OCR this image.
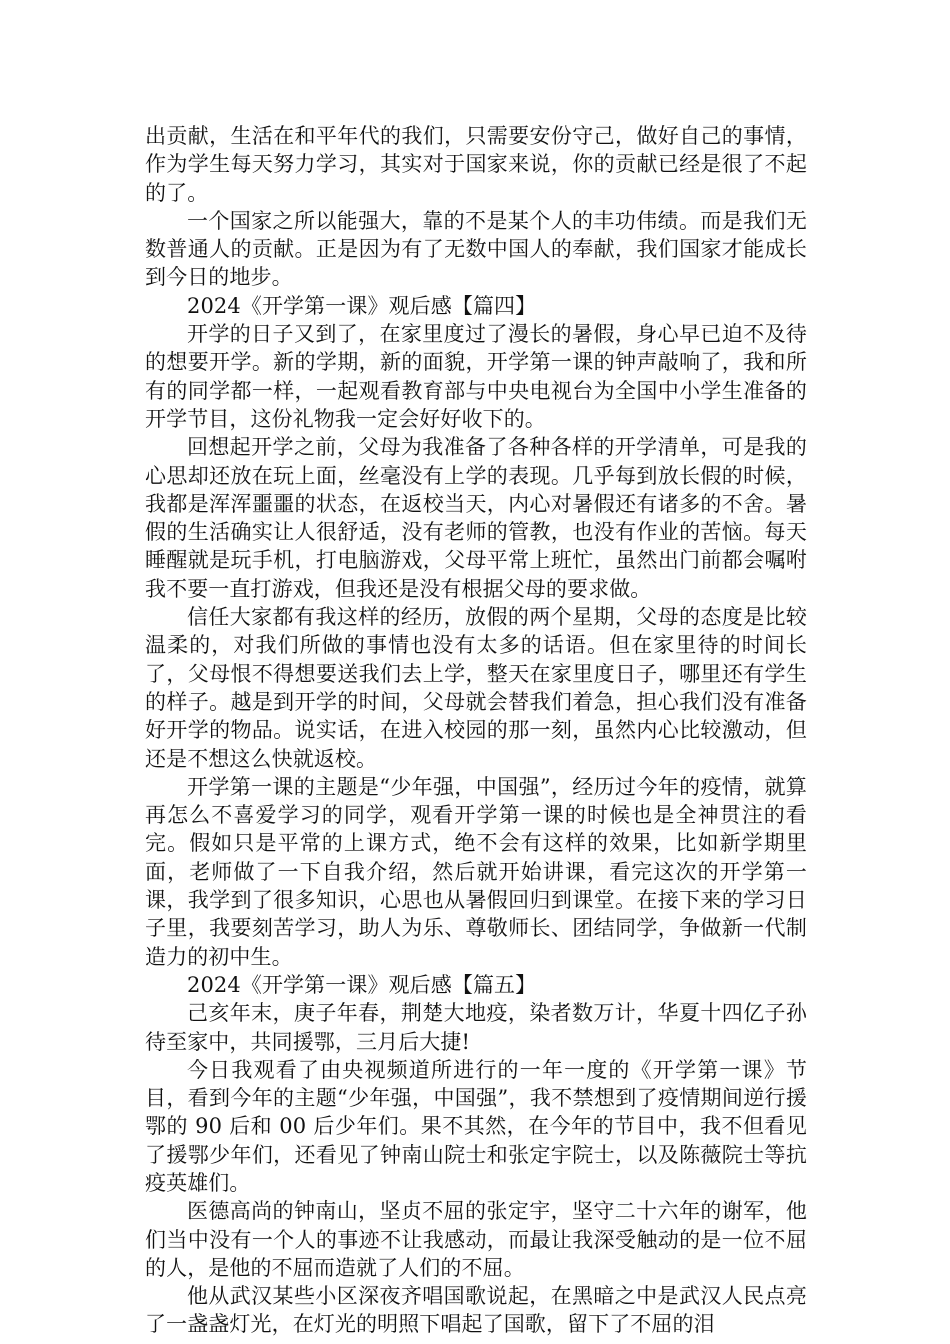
出贡献，生活在和平年代的我们，只需要安份守己，做好自己的事情，作为学生每天努力学习，其实对于国家来说，你的贡献已经是很了不起的了。

一个国家之所以能强大，靠的不是某个人的丰功伟绩。而是我们无数普通人的贡献。正是因为有了无数中国人的奉献，我们国家才能成长到今日的地步。

2024《开学第一课》观后感【篇四】

开学的日子又到了，在家里度过了漫长的暑假，身心早已迫不及待的想要开学。新的学期，新的面貌，开学第一课的钟声敲响了，我和所有的同学都一样，一起观看教育部与中央电视台为全国中小学生准备的开学节目，这份礼物我一定会好好收下的。

回想起开学之前，父母为我准备了各种各样的开学清单，可是我的心思却还放在玩上面，丝毫没有上学的表现。几乎每到放长假的时候，我都是浑浑噩噩的状态，在返校当天，内心对暑假还有诸多的不舍。暑假的生活确实让人很舒适，没有老师的管教，也没有作业的苦恼。每天睡醒就是玩手机，打电脑游戏，父母平常上班忙，虽然出门前都会嘱咐我不要一直打游戏，但我还是没有根据父母的要求做。

信任大家都有我这样的经历，放假的两个星期，父母的态度是比较温柔的，对我们所做的事情也没有太多的话语。但在家里待的时间长了，父母恨不得想要送我们去上学，整天在家里度日子，哪里还有学生的样子。越是到开学的时间，父母就会替我们着急，担心我们没有准备好开学的物品。说实话，在进入校园的那一刻，虽然内心比较激动，但还是不想这么快就返校。

开学第一课的主题是“少年强，中国强”，经历过今年的疫情，就算再怎么不喜爱学习的同学，观看开学第一课的时候也是全神贯注的看完。假如只是平常的上课方式，绝不会有这样的效果，比如新学期里面，老师做了一下自我介绍，然后就开始讲课，看完这次的开学第一课，我学到了很多知识，心思也从暑假回归到课堂。在接下来的学习日子里，我要刻苦学习，助人为乐、尊敬师长、团结同学，争做新一代制造力的初中生。

2024《开学第一课》观后感【篇五】

己亥年末，庚子年春，荆楚大地疫，染者数万计，华夏十四亿子孙待至家中，共同援鄂，三月后大捷!

今日我观看了由央视频道所进行的一年一度的《开学第一课》节目，看到今年的主题“少年强，中国强”，我不禁想到了疫情期间逆行援鄂的 90 后和 00 后少年们。果不其然，在今年的节目中，我不但看见了援鄂少年们，还看见了钟南山院士和张定宇院士，以及陈薇院士等抗疫英雄们。

医德高尚的钟南山，坚贞不屈的张定宇，坚守二十六年的谢军，他们当中没有一个人的事迹不让我感动，而最让我深受触动的是一位不屈的人，是他的不屈而造就了人们的不屈。

他从武汉某些小区深夜齐唱国歌说起，在黑暗之中是武汉人民点亮了一盏盏灯光，在灯光的明照下唱起了国歌，留下了不屈的泪
